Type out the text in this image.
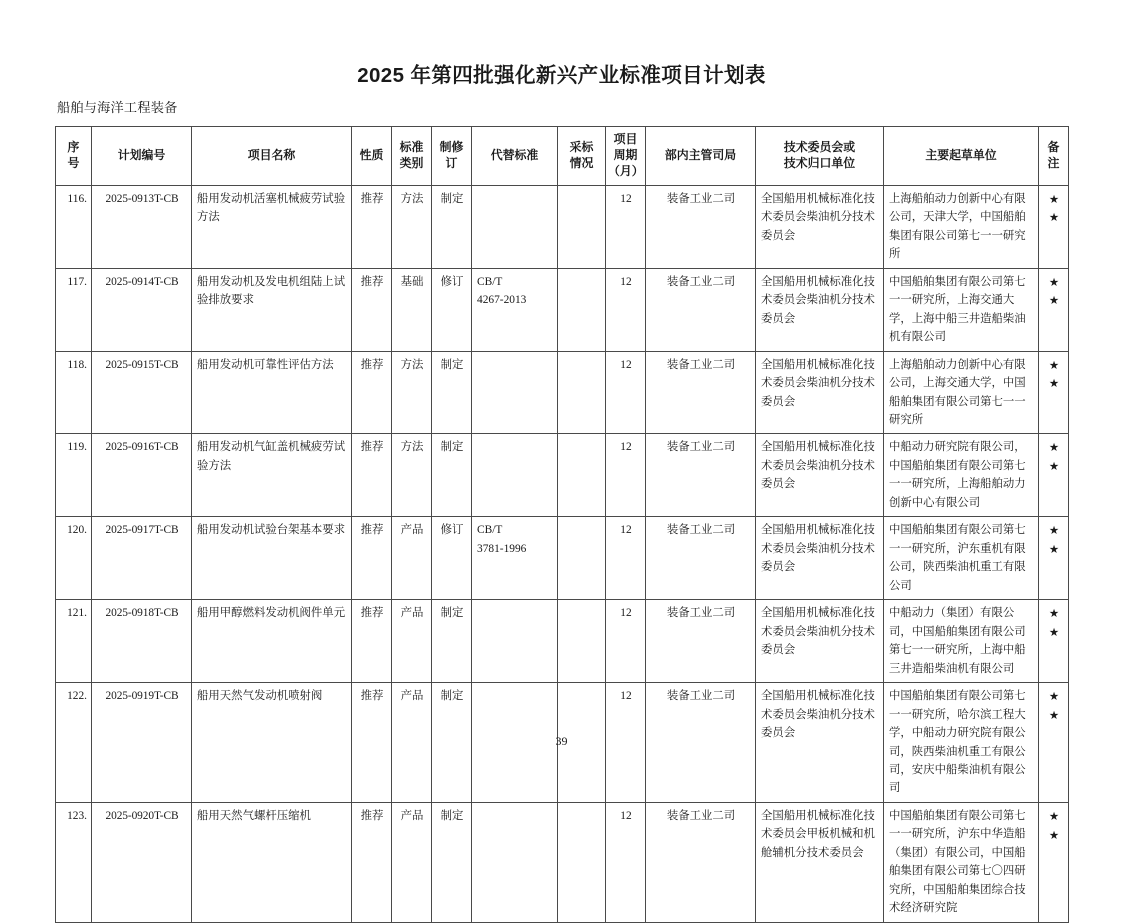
2025 年第四批强化新兴产业标准项目计划表
船舶与海洋工程装备
序
号	计划编号	项目名称	性质	标准
类别	制修
订	代替标准	采标
情况	项目
周期
（月）	部内主管司局	技术委员会或
技术归口单位	主要起草单位	备
注
116.	2025-0913T-CB	船用发动机活塞机械疲劳试验方法	推荐	方法	制定			12	装备工业二司	全国船用机械标准化技术委员会柴油机分技术委员会	上海船舶动力创新中心有限公司，天津大学，中国船舶集团有限公司第七一一研究所	★
★

117.	2025-0914T-CB	船用发动机及发电机组陆上试验排放要求	推荐	基础	修订	CB/T
4267-2013		12	装备工业二司	全国船用机械标准化技术委员会柴油机分技术委员会	中国船舶集团有限公司第七一一研究所，上海交通大学，上海中船三井造船柴油机有限公司	★
★

118.	2025-0915T-CB	船用发动机可靠性评估方法	推荐	方法	制定			12	装备工业二司	全国船用机械标准化技术委员会柴油机分技术委员会	上海船舶动力创新中心有限公司，上海交通大学，中国船舶集团有限公司第七一一研究所	★
★

119.	2025-0916T-CB	船用发动机气缸盖机械疲劳试验方法	推荐	方法	制定			12	装备工业二司	全国船用机械标准化技术委员会柴油机分技术委员会	中船动力研究院有限公司，中国船舶集团有限公司第七一一研究所，上海船舶动力创新中心有限公司	★
★

120.	2025-0917T-CB	船用发动机试验台架基本要求	推荐	产品	修订	CB/T
3781-1996		12	装备工业二司	全国船用机械标准化技术委员会柴油机分技术委员会	中国船舶集团有限公司第七一一研究所，沪东重机有限公司，陕西柴油机重工有限公司	★
★

121.	2025-0918T-CB	船用甲醇燃料发动机阀件单元	推荐	产品	制定			12	装备工业二司	全国船用机械标准化技术委员会柴油机分技术委员会	中船动力（集团）有限公司，中国船舶集团有限公司第七一一研究所，上海中船三井造船柴油机有限公司	★
★

122.	2025-0919T-CB	船用天然气发动机喷射阀	推荐	产品	制定			12	装备工业二司	全国船用机械标准化技术委员会柴油机分技术委员会	中国船舶集团有限公司第七一一研究所，哈尔滨工程大学，中船动力研究院有限公司，陕西柴油机重工有限公司，安庆中船柴油机有限公司	★
★

123.	2025-0920T-CB	船用天然气螺杆压缩机	推荐	产品	制定			12	装备工业二司	全国船用机械标准化技术委员会甲板机械和机舱辅机分技术委员会	中国船舶集团有限公司第七一一研究所，沪东中华造船（集团）有限公司，中国船舶集团有限公司第七〇四研究所，中国船舶集团综合技术经济研究院	★
★
39
